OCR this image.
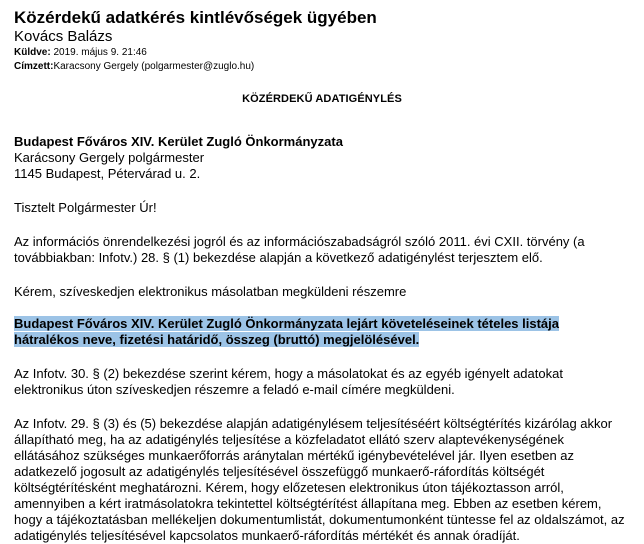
Közérdekű adatkérés kintlévőségek ügyében

Kovács Balázs

Küldve: 2019. május 9. 21:46
Címzett:Karacsony Gergely (polgarmester@zuglo.hu)
KÖZÉRDEKŰ ADATIGÉNYLÉS

Budapest Főváros XIV. Kerület Zugló Önkormányzata

Karácsony Gergely polgármester

1145 Budapest, Pétervárad u. 2.

Tisztelt Polgármester Úr!

Az információs önrendelkezési jogról és az információszabadságról szóló 2011. évi CXII. törvény (a továbbiakban: Infotv.) 28. § (1) bekezdése alapján a következő adatigénylést terjesztem elő.

Kérem, szíveskedjen elektronikus másolatban megküldeni részemre

Budapest Főváros XIV. Kerület Zugló Önkormányzata lejárt követeléseinek tételes listája
hátralékos neve, fizetési határidő, összeg (bruttó) megjelölésével.

Az Infotv. 30. § (2) bekezdése szerint kérem, hogy a másolatokat és az egyéb igényelt adatokat elektronikus úton szíveskedjen részemre a feladó e-mail címére megküldeni.

Az Infotv. 29. § (3) és (5) bekezdése alapján adatigénylésem teljesítéséért költségtérítés kizárólag akkor állapítható meg, ha az adatigénylés teljesítése a közfeladatot ellátó szerv alaptevékenységének ellátásához szükséges munkaerőforrás aránytalan mértékű igénybevételével jár. Ilyen esetben az adatkezelő jogosult az adatigénylés teljesítésével összefüggő munkaerő-ráfordítás költségét költségtérítésként meghatározni. Kérem, hogy előzetesen elektronikus úton tájékoztasson arról, amennyiben a kért iratmásolatokra tekintettel költségtérítést állapítana meg. Ebben az esetben kérem, hogy a tájékoztatásban mellékeljen dokumentumlistát, dokumentumonként tüntesse fel az oldalszámot, az adatigénylés teljesítésével kapcsolatos munkaerő-ráfordítás mértékét és annak óradíját.
